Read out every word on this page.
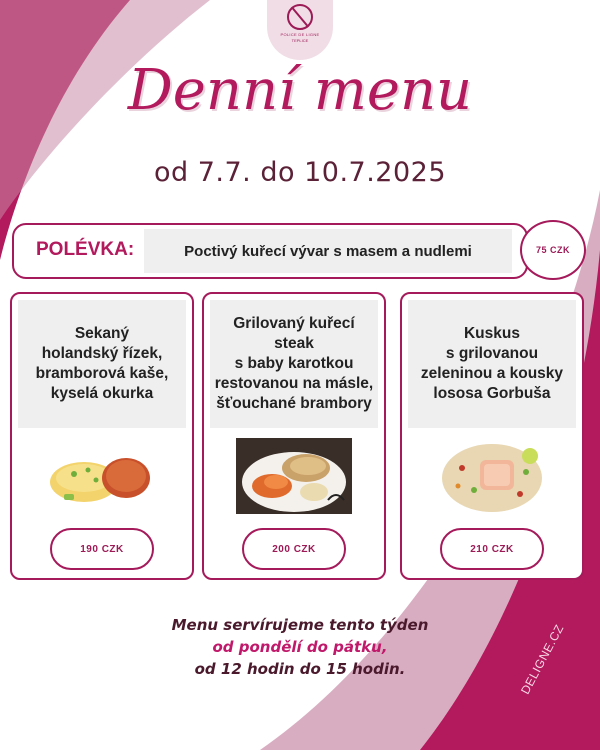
POLICE DE LIGNE
TEPLICE
Denní menu
od 7.7. do 10.7.2025
POLÉVKA:	Poctivý kuřecí vývar s masem a nudlemi	75 CZK
Sekaný
holandský řízek,
bramborová kaše,
kyselá okurka
190 CZK
Grilovaný kuřecí steak
s baby karotkou
restovanou na másle,
šťouchané brambory
200 CZK
Kuskus
s grilovanou
zeleninou a kousky
lososa Gorbuša
210 CZK
Menu servírujeme tento týden
od pondělí do pátku,
od 12 hodin do 15 hodin.	DELIGNE.CZ
